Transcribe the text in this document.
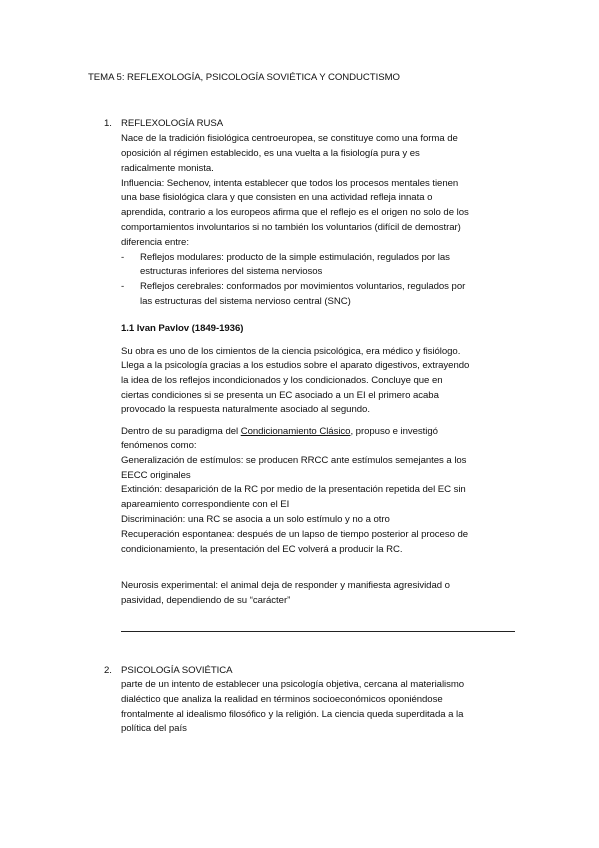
TEMA 5: REFLEXOLOGÍA, PSICOLOGÍA SOVIÉTICA Y CONDUCTISMO
1. REFLEXOLOGÍA RUSA
Nace de la tradición fisiológica centroeuropea, se constituye como una forma de
oposición al régimen establecido, es una vuelta a la fisiología pura y es
radicalmente monista.
Influencia: Sechenov, intenta establecer que todos los procesos mentales tienen
una base fisiológica clara y que consisten en una actividad refleja innata o
aprendida, contrario a los europeos afirma que el reflejo es el origen no solo de los
comportamientos involuntarios si no también los voluntarios (difícil de demostrar)
diferencia entre:
- Reflejos modulares: producto de la simple estimulación, regulados por las
estructuras inferiores del sistema nerviosos
- Reflejos cerebrales: conformados por movimientos voluntarios, regulados por
las estructuras del sistema nervioso central (SNC)
1.1 Ivan Pavlov (1849-1936)
Su obra es uno de los cimientos de la ciencia psicológica, era médico y fisiólogo.
Llega a la psicología gracias a los estudios sobre el aparato digestivos, extrayendo
la idea de los reflejos incondicionados y los condicionados. Concluye que en
ciertas condiciones si se presenta un EC asociado a un EI el primero acaba
provocado la respuesta naturalmente asociado al segundo.
Dentro de su paradigma del Condicionamiento Clásico, propuso e investigó
fenómenos como:
Generalización de estímulos: se producen RRCC ante estímulos semejantes a los
EECC originales
Extinción: desaparición de la RC por medio de la presentación repetida del EC sin
apareamiento correspondiente con el EI
Discriminación: una RC se asocia a un solo estímulo y no a otro
Recuperación espontanea: después de un lapso de tiempo posterior al proceso de
condicionamiento, la presentación del EC volverá a producir la RC.
Neurosis experimental: el animal deja de responder y manifiesta agresividad o
pasividad, dependiendo de su “carácter”
2. PSICOLOGÍA SOVIÉTICA
parte de un intento de establecer una psicología objetiva, cercana al materialismo
dialéctico que analiza la realidad en términos socioeconómicos oponiéndose
frontalmente al idealismo filosófico y la religión. La ciencia queda superditada a la
política del país
